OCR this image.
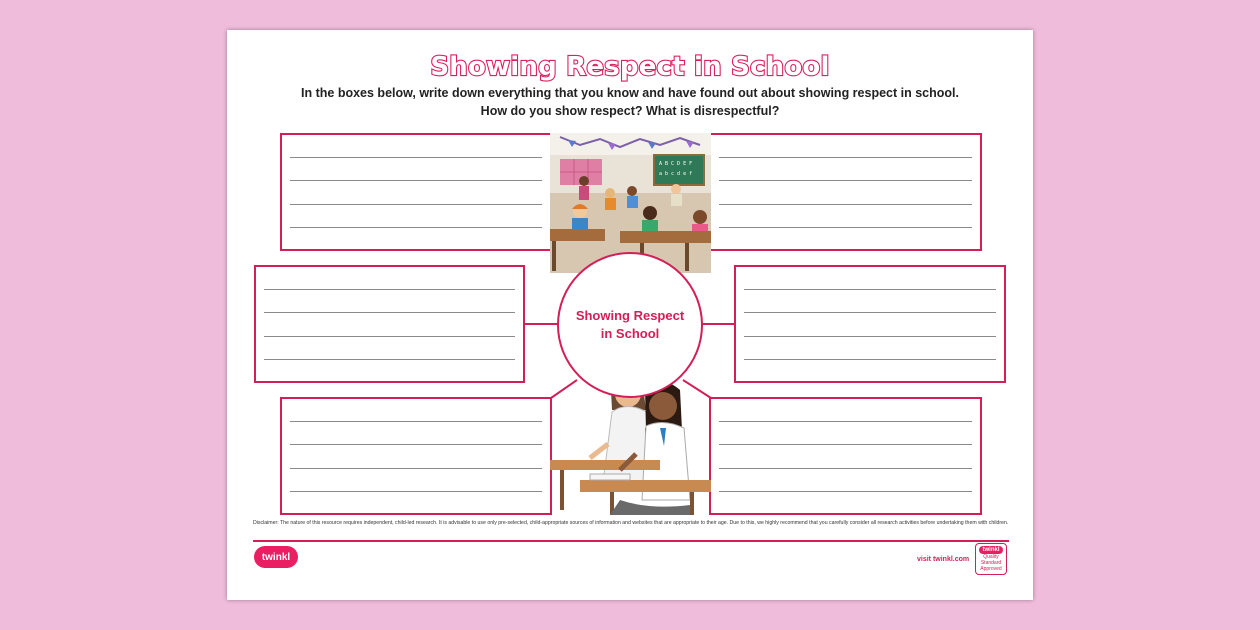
Showing Respect in School
In the boxes below, write down everything that you know and have found out about showing respect in school.
How do you show respect? What is disrespectful?
A B C D E F
a b c d e f
Showing Respect in School
Disclaimer: The nature of this resource requires independent, child-led research. It is advisable to use only pre-selected, child-appropriate sources of information and websites that are appropriate to their age. Due to this, we highly recommend that you carefully consider all research activities before undertaking them with children.
twinkl	visit twinkl.com
twinkl
Quality Standard Approved
